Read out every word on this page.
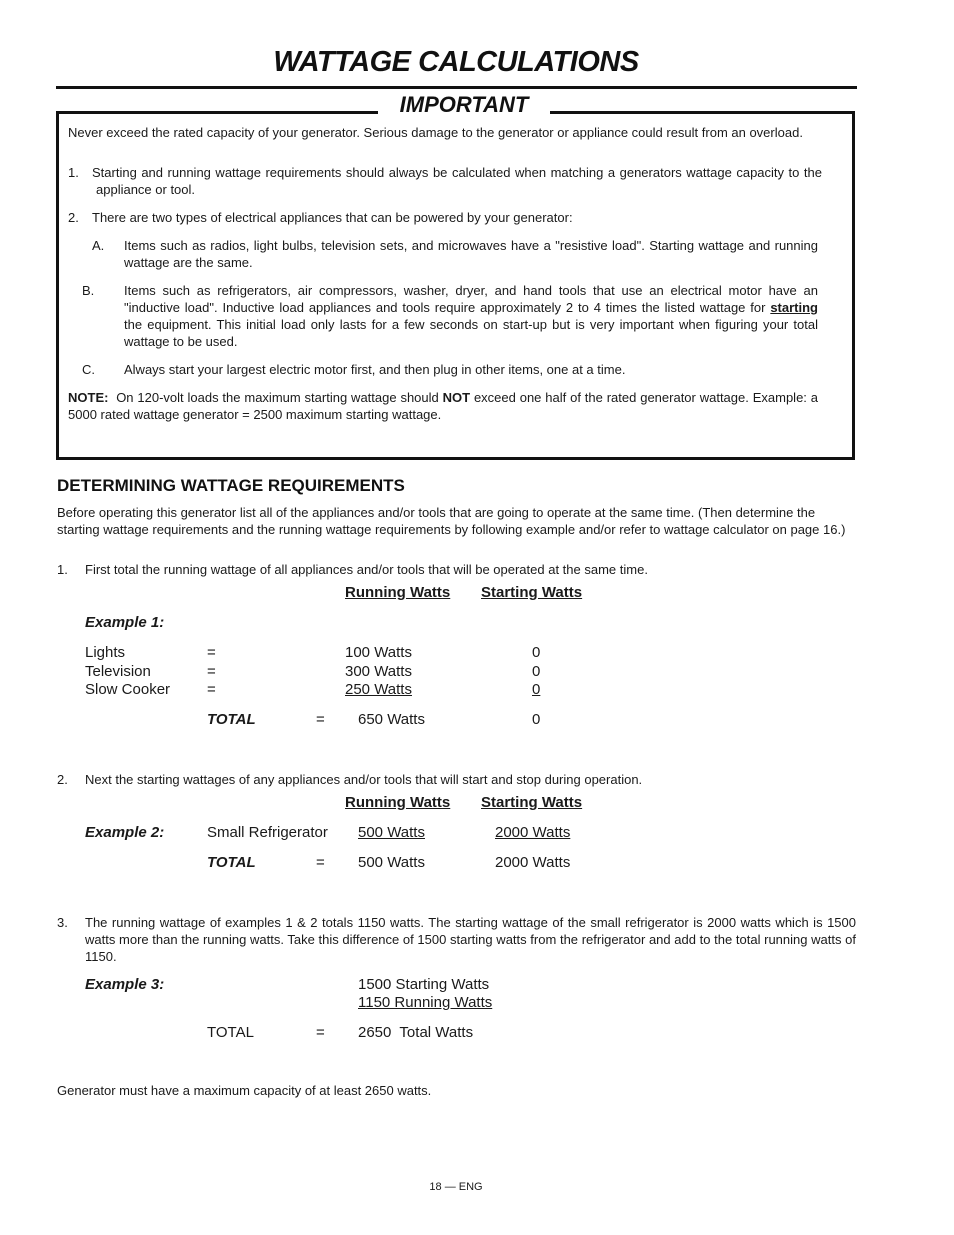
WATTAGE CALCULATIONS
IMPORTANT
Never exceed the rated capacity of your generator. Serious damage to the generator or appliance could result from an overload.
1. Starting and running wattage requirements should always be calculated when matching a generators wattage capacity to the appliance or tool.
2. There are two types of electrical appliances that can be powered by your generator:
A. Items such as radios, light bulbs, television sets, and microwaves have a "resistive load". Starting wattage and running wattage are the same.
B. Items such as refrigerators, air compressors, washer, dryer, and hand tools that use an electrical motor have an "inductive load". Inductive load appliances and tools require approximately 2 to 4 times the listed wattage for starting the equipment. This initial load only lasts for a few seconds on start-up but is very important when figuring your total wattage to be used.
C. Always start your largest electric motor first, and then plug in other items, one at a time.
NOTE: On 120-volt loads the maximum starting wattage should NOT exceed one half of the rated generator wattage. Example: a 5000 rated wattage generator = 2500 maximum starting wattage.
DETERMINING WATTAGE REQUIREMENTS
Before operating this generator list all of the appliances and/or tools that are going to operate at the same time. (Then determine the starting wattage requirements and the running wattage requirements by following example and/or refer to wattage calculator on page 16.)
1. First total the running wattage of all appliances and/or tools that will be operated at the same time.
Running Watts Starting Watts
Example 1:
Lights	=	100 Watts	0
Television	=	300 Watts	0
Slow Cooker =	250 Watts	0
TOTAL	= 650 Watts	0
2. Next the starting wattages of any appliances and/or tools that will start and stop during operation.
Running Watts Starting Watts
Example 2:	Small Refrigerator 500 Watts	2000 Watts
TOTAL	= 500 Watts	2000 Watts
3. The running wattage of examples 1 & 2 totals 1150 watts. The starting wattage of the small refrigerator is 2000 watts which is 1500 watts more than the running watts. Take this difference of 1500 starting watts from the refrigerator and add to the total running watts of 1150.
Example 3:	1500 Starting Watts
1150 Running Watts
TOTAL	= 2650  Total Watts
Generator must have a maximum capacity of at least 2650 watts.
18 — ENG
